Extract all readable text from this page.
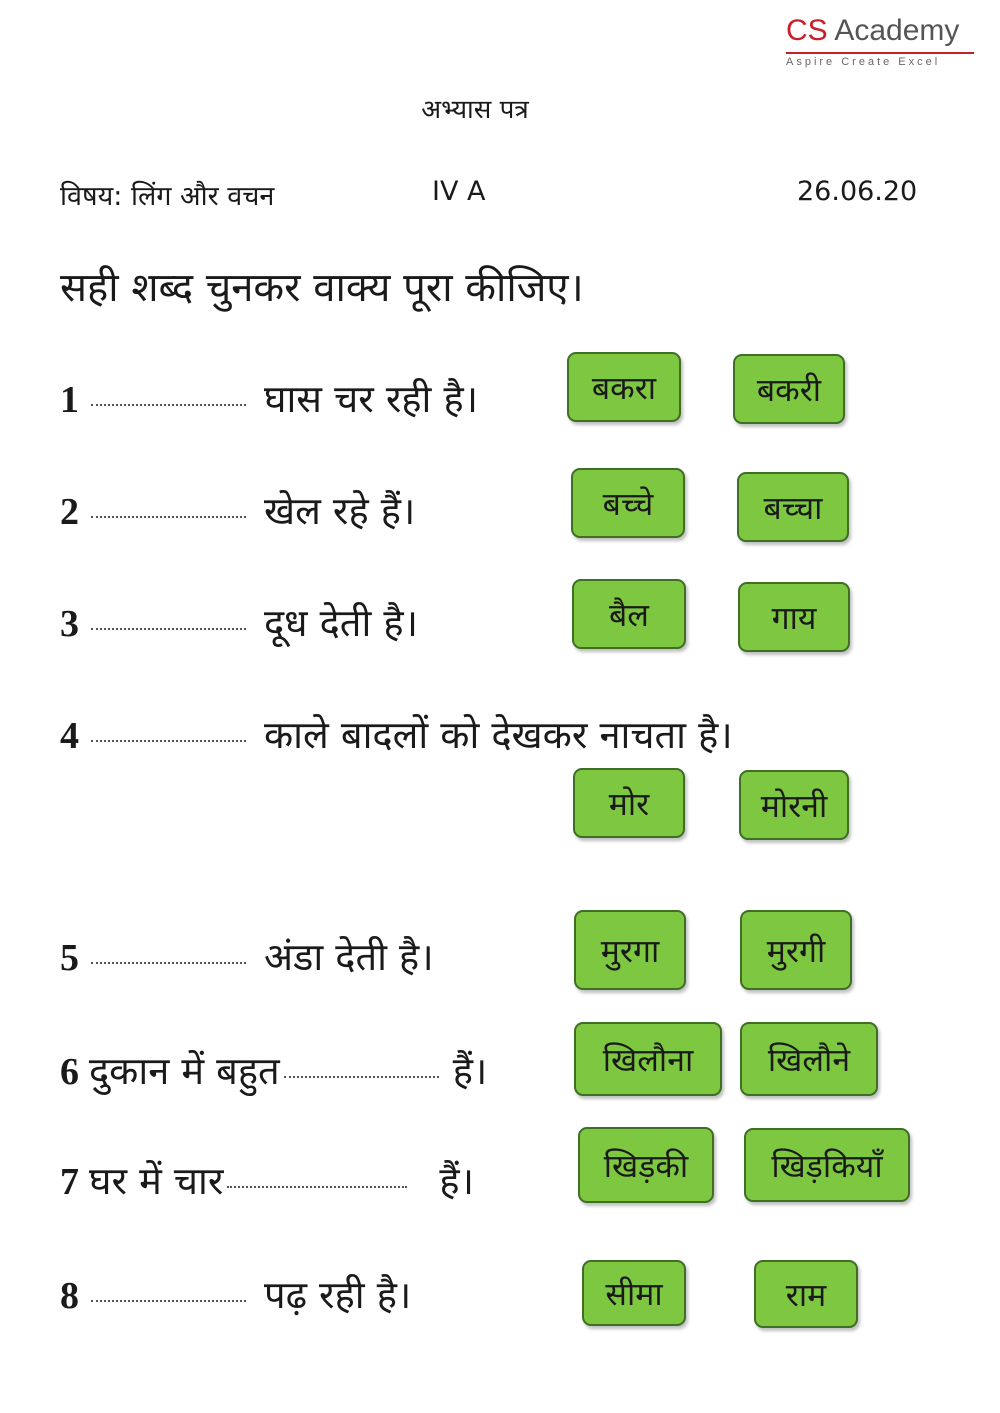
CS Academy
Aspire Create Excel
अभ्यास पत्र
विषय: लिंग और वचन	IV A	26.06.20
सही शब्द चुनकर वाक्य पूरा कीजिए।
1	घास चर रही है।	बकरा	बकरी
2	खेल रहे हैं।	बच्चे	बच्चा
3	दूध देती है।	बैल	गाय
4	काले बादलों को देखकर नाचता है।
मोर	मोरनी
5	अंडा देती है।	मुरगा	मुरगी
6 दुकान में बहुत	हैं।	खिलौना	खिलौने
7 घर में चार	हैं।	खिड़की	खिड़कियाँ
8	पढ़ रही है।	सीमा	राम
